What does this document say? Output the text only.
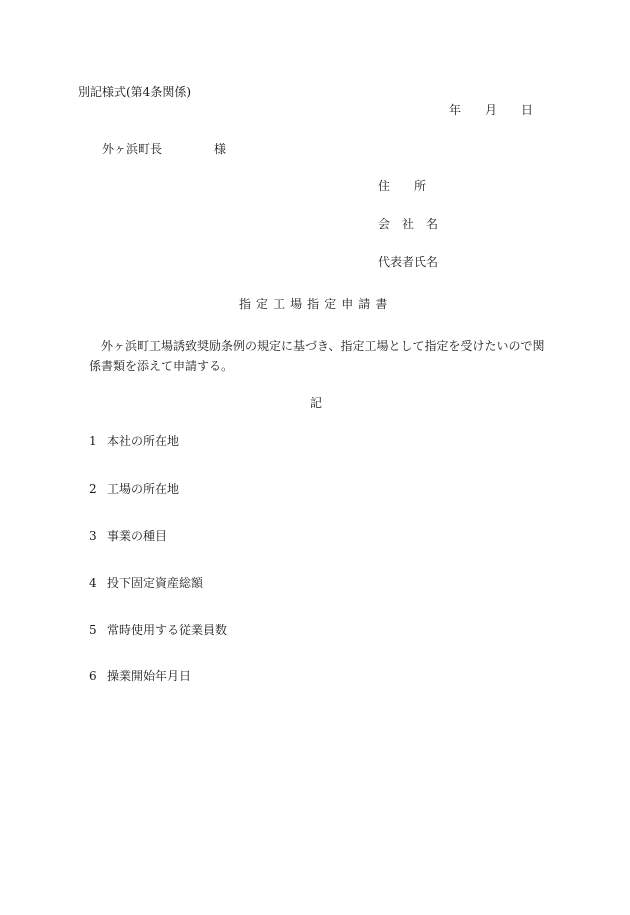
別記様式(第4条関係)
年 月 日
外ヶ浜町長	様
住　　所
会　社　名
代表者氏名
指定工場指定申請書
外ヶ浜町工場誘致奨励条例の規定に基づき、指定工場として指定を受けたいので関係書類を添えて申請する。
記
1 本社の所在地
2 工場の所在地
3 事業の種目
4 投下固定資産総額
5 常時使用する従業員数
6 操業開始年月日
